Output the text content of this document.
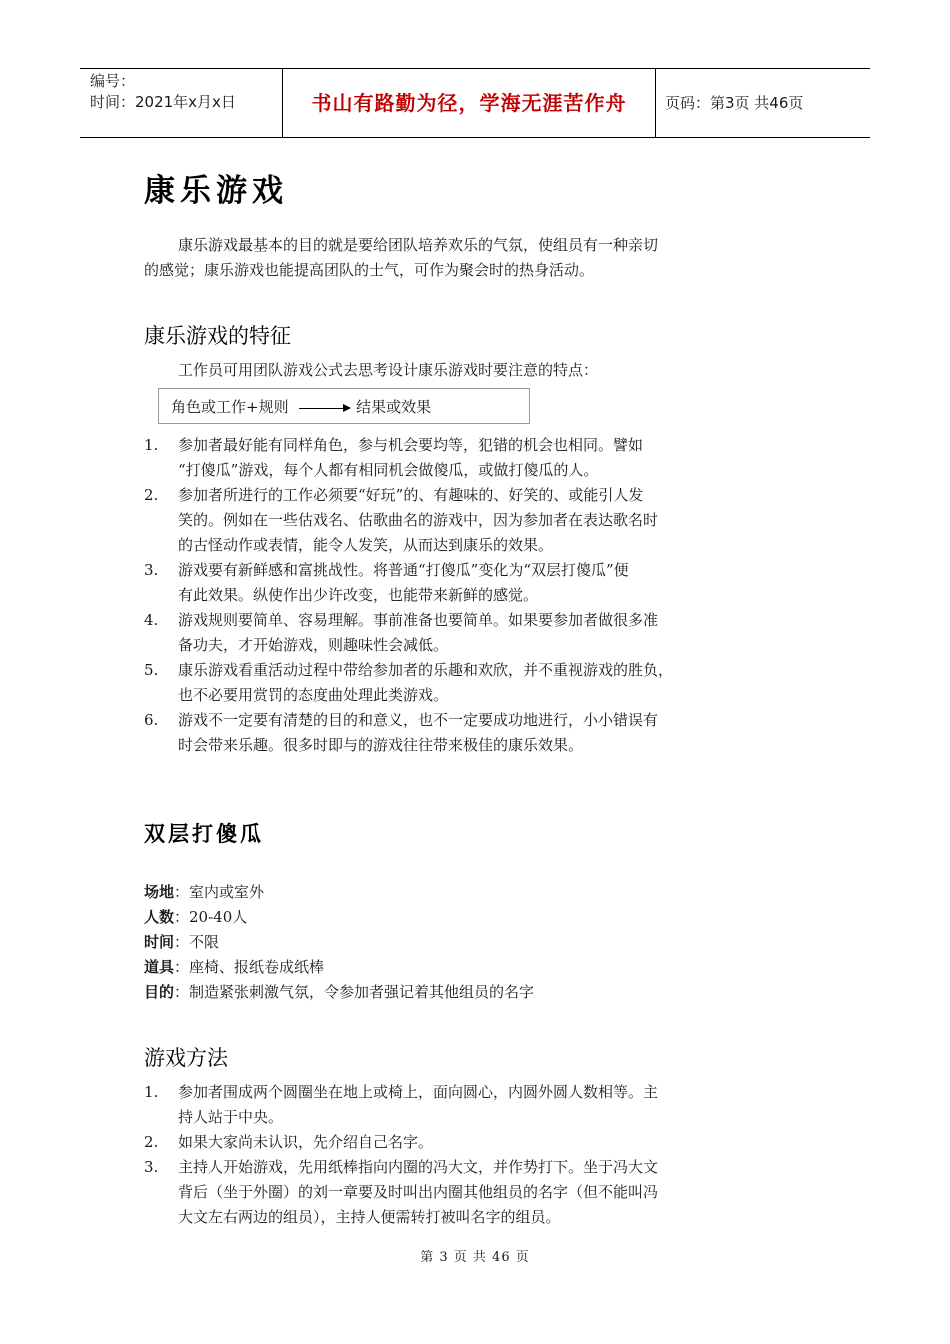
编号：
时间：2021年x月x日	书山有路勤为径，学海无涯苦作舟	页码：第3页 共46页
康乐游戏
康乐游戏最基本的目的就是要给团队培养欢乐的气氛，使组员有一种亲切
的感觉；康乐游戏也能提高团队的士气，可作为聚会时的热身活动。
康乐游戏的特征
工作员可用团队游戏公式去思考设计康乐游戏时要注意的特点：
角色或工作+规则	结果或效果
1. 参加者最好能有同样角色，参与机会要均等，犯错的机会也相同。譬如
“打傻瓜”游戏，每个人都有相同机会做傻瓜，或做打傻瓜的人。
2. 参加者所进行的工作必须要“好玩”的、有趣味的、好笑的、或能引人发
笑的。例如在一些估戏名、估歌曲名的游戏中，因为参加者在表达歌名时
的古怪动作或表情，能令人发笑，从而达到康乐的效果。
3. 游戏要有新鲜感和富挑战性。将普通“打傻瓜”变化为“双层打傻瓜”便
有此效果。纵使作出少许改变，也能带来新鲜的感觉。
4. 游戏规则要简单、容易理解。事前准备也要简单。如果要参加者做很多准
备功夫，才开始游戏，则趣味性会减低。
5. 康乐游戏看重活动过程中带给参加者的乐趣和欢欣，并不重视游戏的胜负，
也不必要用赏罚的态度曲处理此类游戏。
6. 游戏不一定要有清楚的目的和意义，也不一定要成功地进行，小小错误有
时会带来乐趣。很多时即与的游戏往往带来极佳的康乐效果。
双层打傻瓜
场地：室内或室外
人数：20-40人
时间：不限
道具：座椅、报纸卷成纸棒
目的：制造紧张刺激气氛，令参加者强记着其他组员的名字
游戏方法
1. 参加者围成两个圆圈坐在地上或椅上，面向圆心，内圆外圆人数相等。主
持人站于中央。
2. 如果大家尚未认识，先介绍自己名字。
3. 主持人开始游戏，先用纸棒指向内圈的冯大文，并作势打下。坐于冯大文
背后（坐于外圈）的刘一章要及时叫出内圈其他组员的名字（但不能叫冯
大文左右两边的组员），主持人便需转打被叫名字的组员。
第 3 页 共 46 页
